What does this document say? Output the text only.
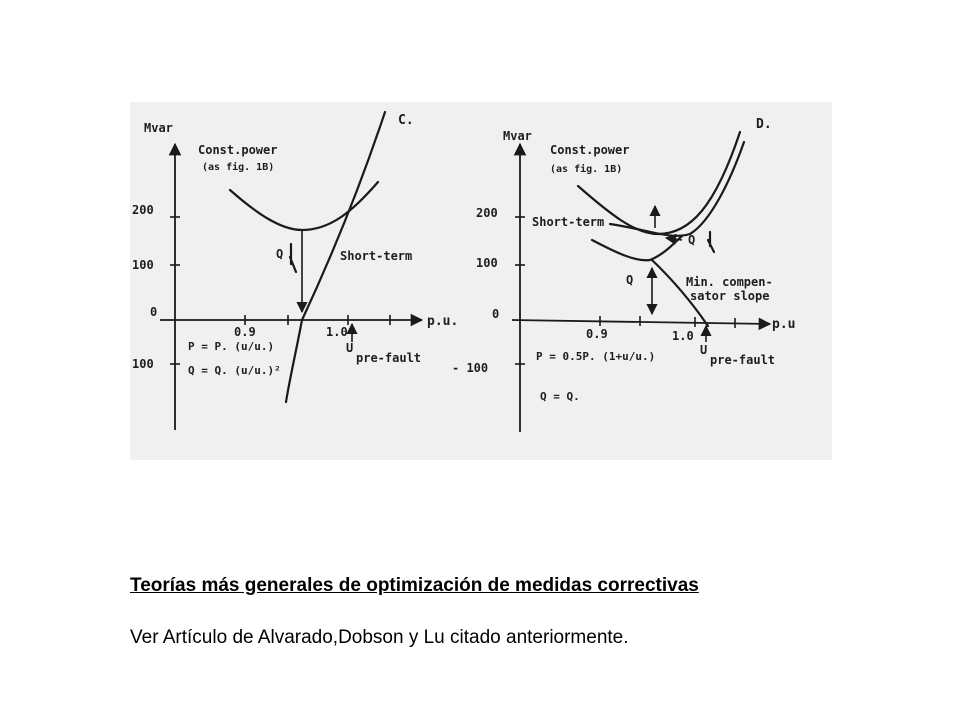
Mvar
200
100
0
100
0.9	1.0
p.u.
C.
Const.power
(as fig. 1B)
Short-term
Q
U
pre-fault
P = P. (u/u.)
Q = Q. (u/u.)²
Mvar
200
100
0
- 100
0.9	1.0
p.u
D.
Const.power
(as fig. 1B)
Short-term
Q
Q	Min. compen-
sator slope
U
pre-fault
P = 0.5P. (1+u/u.)
Q = Q.
Teorías más generales de optimización de medidas correctivas
Ver Artículo de Alvarado,Dobson y Lu citado anteriormente.
